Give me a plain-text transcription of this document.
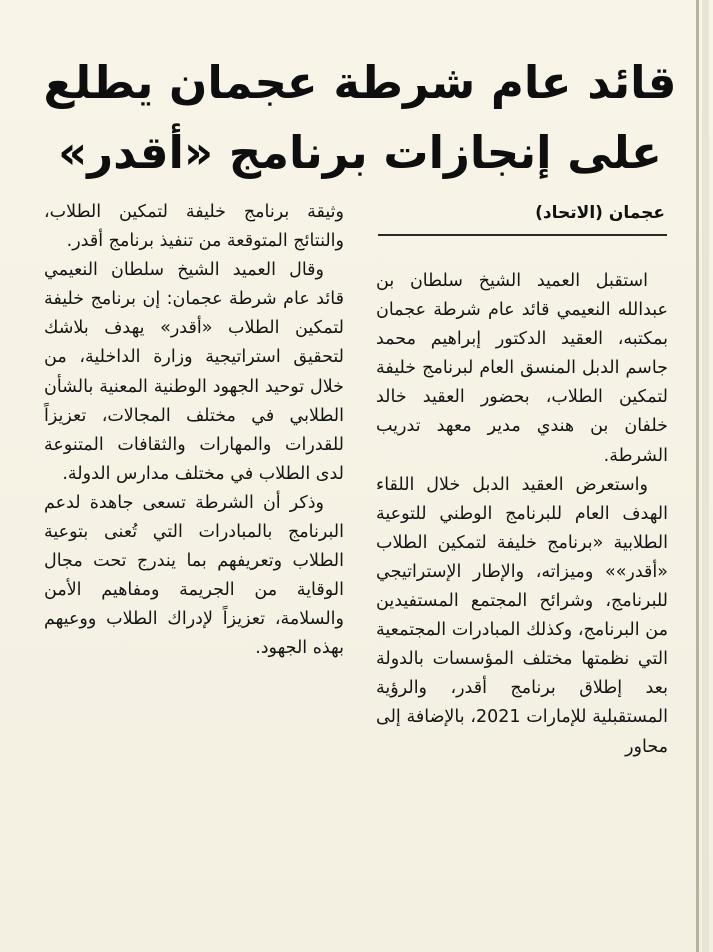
قائد عام شرطة عجمان يطلع
على إنجازات برنامج «أقدر»
عجمان (الاتحاد)

استقبل العميد الشيخ سلطان بن عبدالله النعيمي قائد عام شرطة عجمان بمكتبه، العقيد الدكتور إبراهيم محمد جاسم الدبل المنسق العام لبرنامج خليفة لتمكين الطلاب، بحضور العقيد خالد خلفان بن هندي مدير معهد تدريب الشرطة.

واستعرض العقيد الدبل خلال اللقاء الهدف العام للبرنامج الوطني للتوعية الطلابية «برنامج خليفة لتمكين الطلاب «أقدر»» وميزاته، والإطار الإستراتيجي للبرنامج، وشرائح المجتمع المستفيدين من البرنامج، وكذلك المبادرات المجتمعية التي نظمتها مختلف المؤسسات بالدولة بعد إطلاق برنامج أقدر، والرؤية المستقبلية للإمارات 2021، بالإضافة إلى محاور

وثيقة برنامج خليفة لتمكين الطلاب، والنتائج المتوقعة من تنفيذ برنامج أقدر.

وقال العميد الشيخ سلطان النعيمي قائد عام شرطة عجمان: إن برنامج خليفة لتمكين الطلاب «أقدر» يهدف بلاشك لتحقيق استراتيجية وزارة الداخلية، من خلال توحيد الجهود الوطنية المعنية بالشأن الطلابي في مختلف المجالات، تعزيزاً للقدرات والمهارات والثقافات المتنوعة لدى الطلاب في مختلف مدارس الدولة.

وذكر أن الشرطة تسعى جاهدة لدعم البرنامج بالمبادرات التي تُعنى بتوعية الطلاب وتعريفهم بما يندرج تحت مجال الوقاية من الجريمة ومفاهيم الأمن والسلامة، تعزيزاً لإدراك الطلاب ووعيهم بهذه الجهود.
